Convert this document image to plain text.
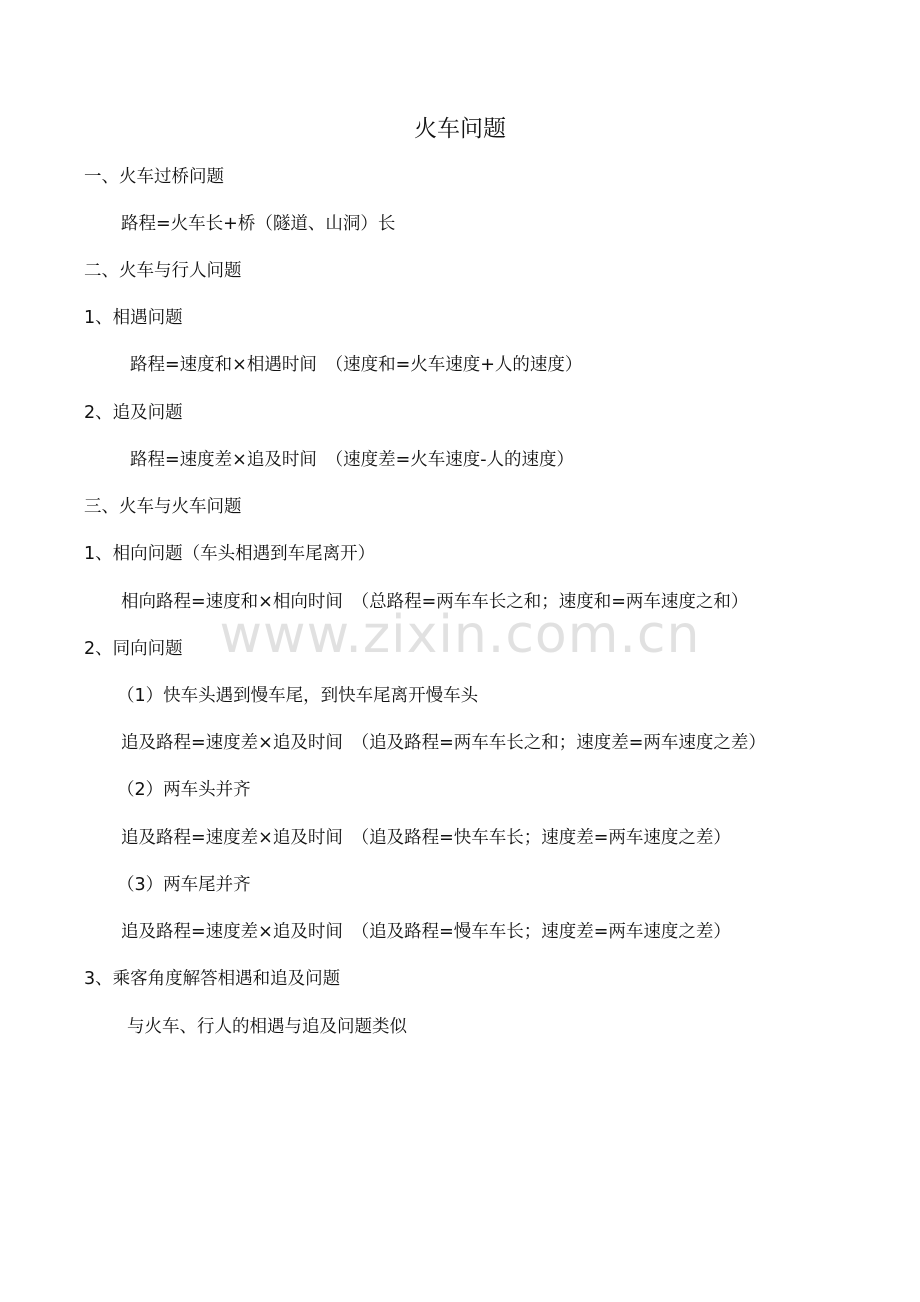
火车问题
一、火车过桥问题
路程=火车长+桥（隧道、山洞）长
二、火车与行人问题
1、相遇问题
路程=速度和×相遇时间　（速度和=火车速度+人的速度）
2、追及问题
路程=速度差×追及时间　（速度差=火车速度-人的速度）
三、火车与火车问题
1、相向问题（车头相遇到车尾离开）
相向路程=速度和×相向时间　（总路程=两车车长之和；速度和=两车速度之和）
2、同向问题
（1）快车头遇到慢车尾，到快车尾离开慢车头
追及路程=速度差×追及时间　（追及路程=两车车长之和；速度差=两车速度之差）
（2）两车头并齐
追及路程=速度差×追及时间　（追及路程=快车车长；速度差=两车速度之差）
（3）两车尾并齐
追及路程=速度差×追及时间　（追及路程=慢车车长；速度差=两车速度之差）
3、乘客角度解答相遇和追及问题
与火车、行人的相遇与追及问题类似
www.zixin.com.cn
